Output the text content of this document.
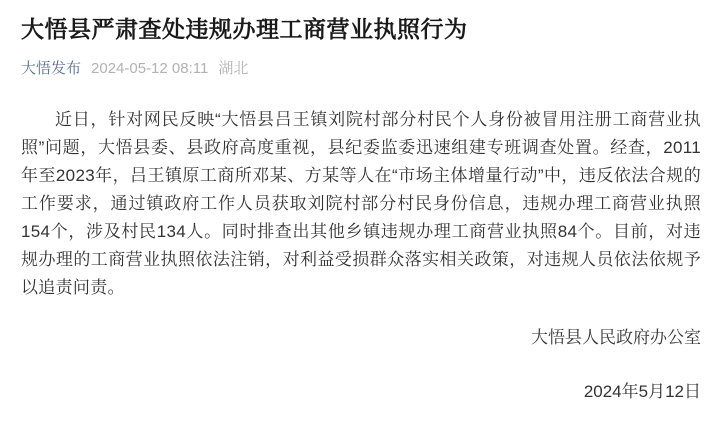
大悟县严肃查处违规办理工商营业执照行为
大悟发布 2024-05-12 08:11 湖北

近日，针对网民反映“大悟县吕王镇刘院村部分村民个人身份被冒用注册工商营业执照”问题，大悟县委、县政府高度重视，县纪委监委迅速组建专班调查处置。经查，2011年至2023年，吕王镇原工商所邓某、方某等人在“市场主体增量行动”中，违反依法合规的工作要求，通过镇政府工作人员获取刘院村部分村民身份信息，违规办理工商营业执照154个，涉及村民134人。同时排查出其他乡镇违规办理工商营业执照84个。目前，对违规办理的工商营业执照依法注销，对利益受损群众落实相关政策，对违规人员依法依规予以追责问责。

大悟县人民政府办公室

2024年5月12日
